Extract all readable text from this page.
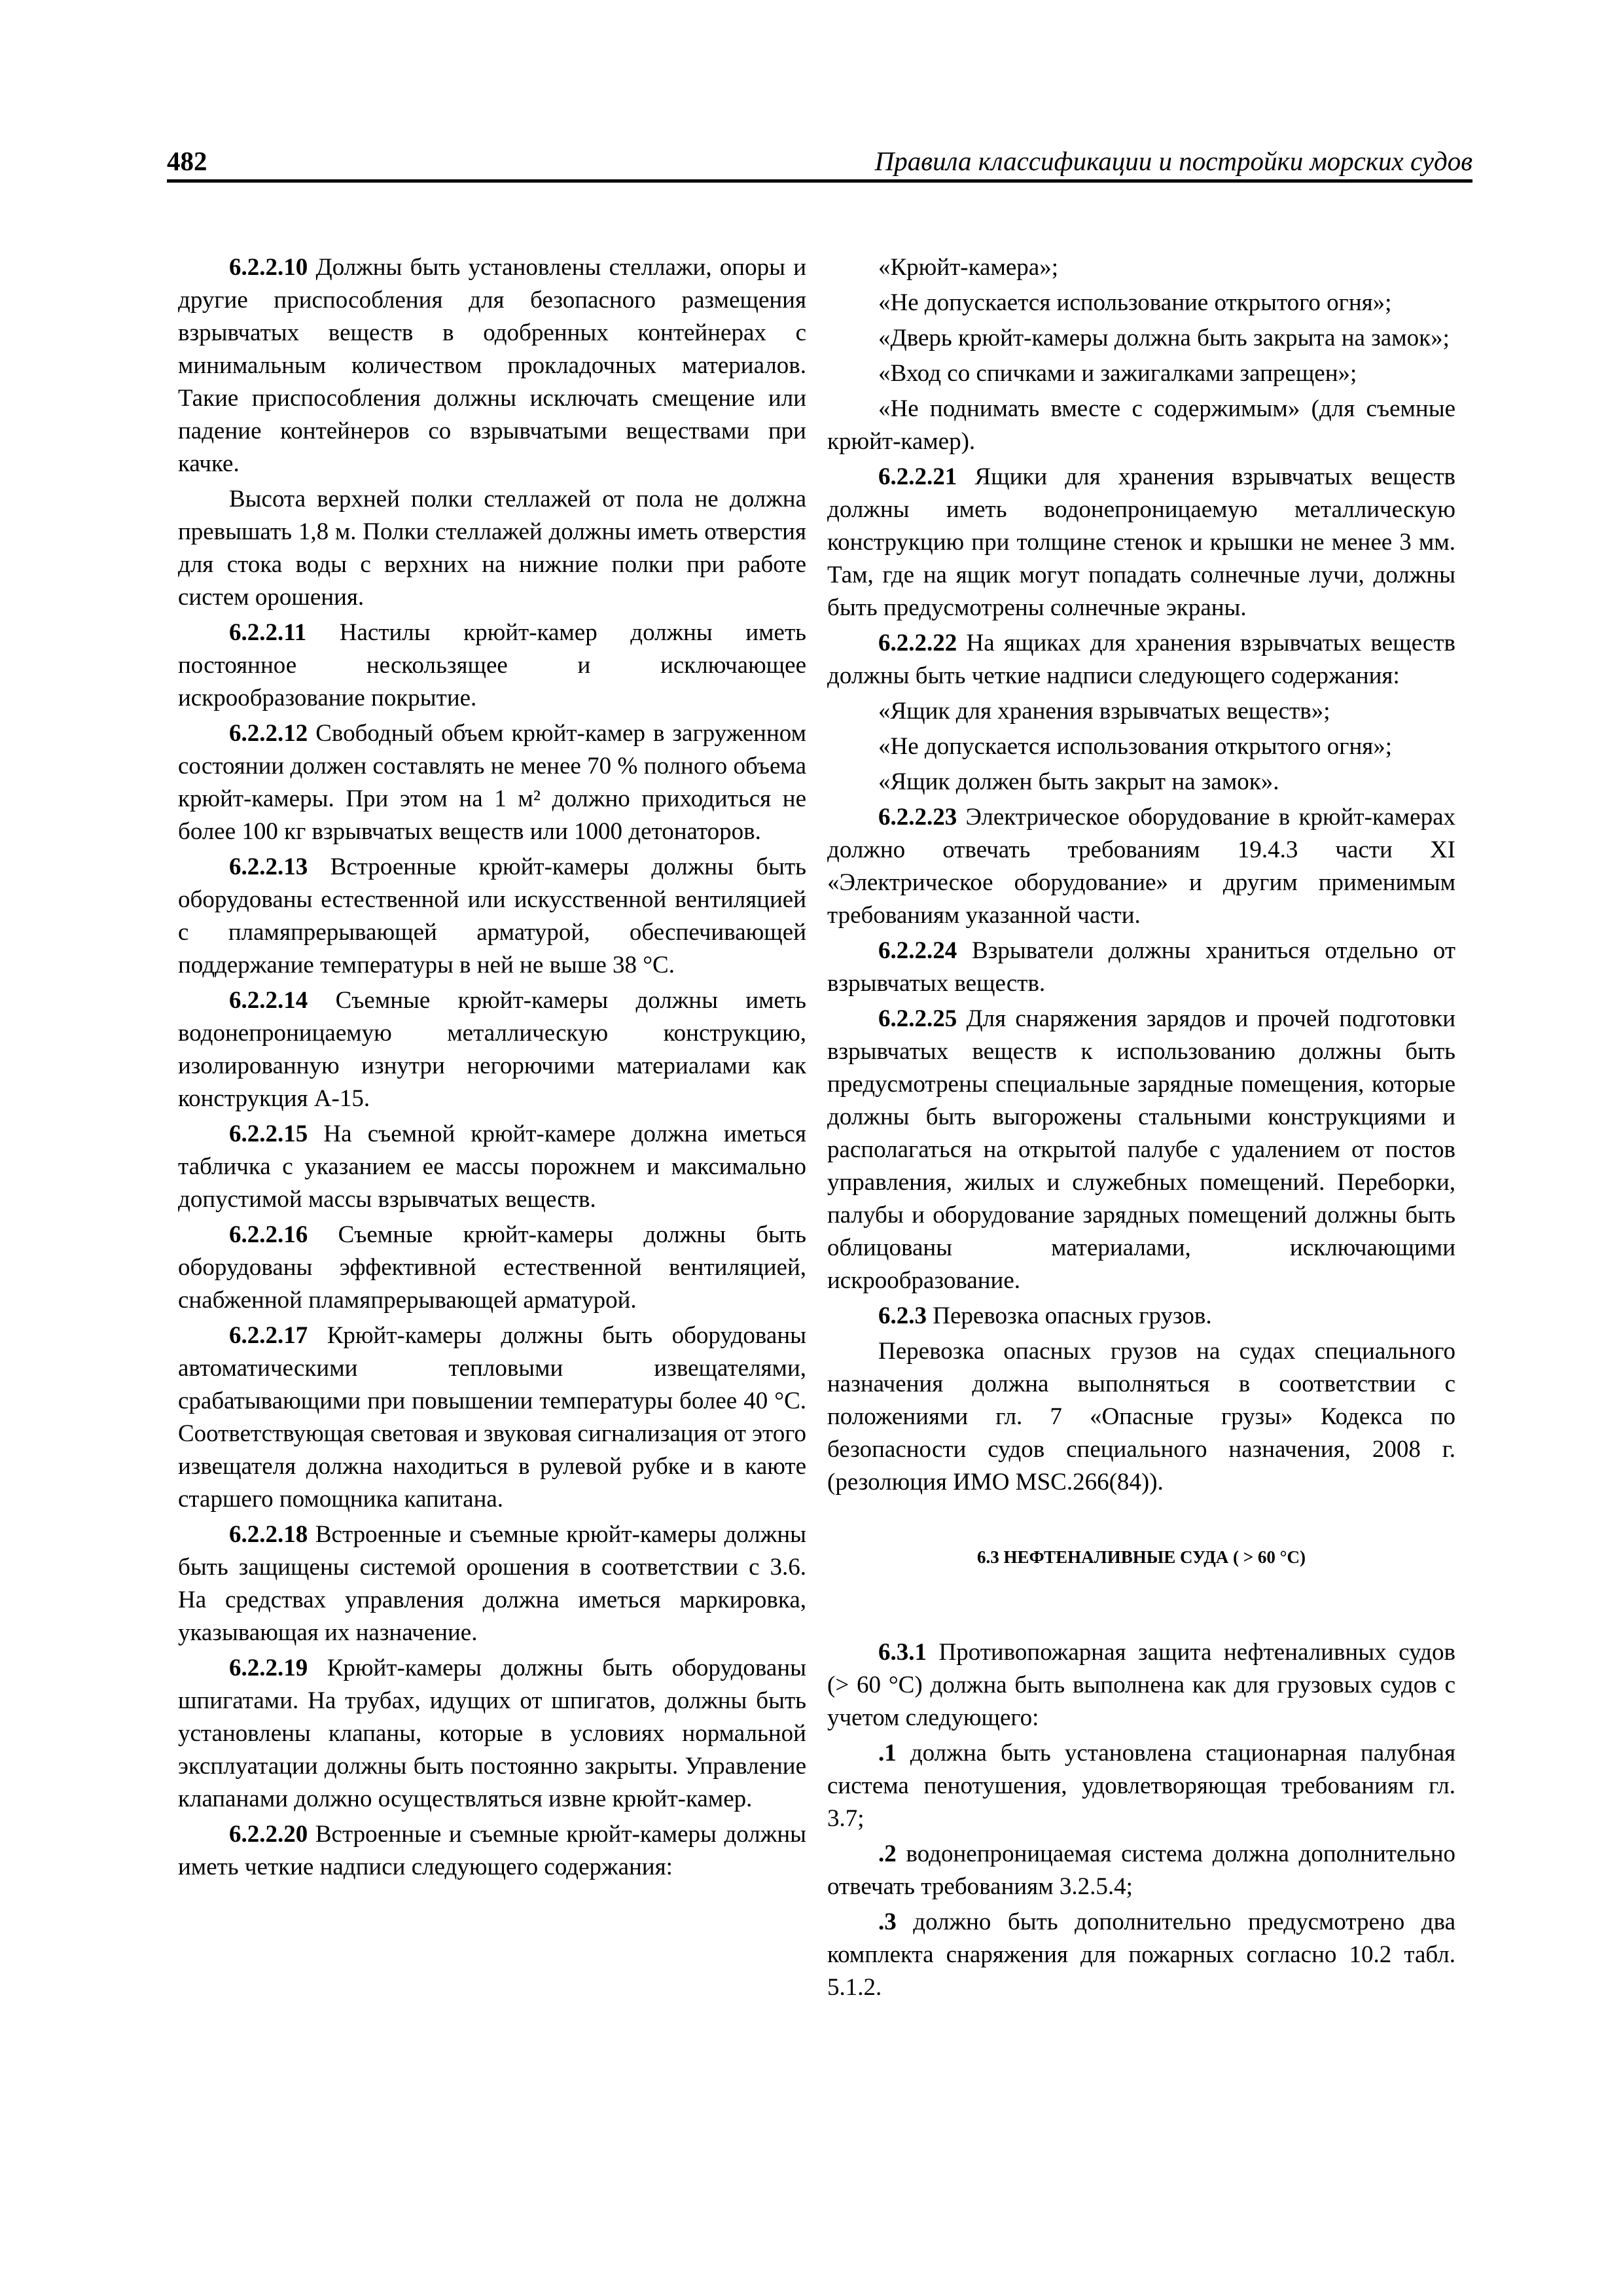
482	Правила классификации и постройки морских судов

6.2.2.10 Должны быть установлены стеллажи, опоры и другие приспособления для безопасного размещения взрывчатых веществ в одобренных контейнерах с минимальным количеством прокладочных материалов. Такие приспособления должны исключать смещение или падение контейнеров со взрывчатыми веществами при качке.

Высота верхней полки стеллажей от пола не должна превышать 1,8 м. Полки стеллажей должны иметь отверстия для стока воды с верхних на нижние полки при работе систем орошения.

6.2.2.11 Настилы крюйт-камер должны иметь постоянное нескользящее и исключающее искрообразование покрытие.

6.2.2.12 Свободный объем крюйт-камер в загруженном состоянии должен составлять не менее 70 % полного объема крюйт-камеры. При этом на 1 м² должно приходиться не более 100 кг взрывчатых веществ или 1000 детонаторов.

6.2.2.13 Встроенные крюйт-камеры должны быть оборудованы естественной или искусственной вентиляцией с пламяпрерывающей арматурой, обеспечивающей поддержание температуры в ней не выше 38 °С.

6.2.2.14 Съемные крюйт-камеры должны иметь водонепроницаемую металлическую конструкцию, изолированную изнутри негорючими материалами как конструкция А-15.

6.2.2.15 На съемной крюйт-камере должна иметься табличка с указанием ее массы порожнем и максимально допустимой массы взрывчатых веществ.

6.2.2.16 Съемные крюйт-камеры должны быть оборудованы эффективной естественной вентиляцией, снабженной пламяпрерывающей арматурой.

6.2.2.17 Крюйт-камеры должны быть оборудованы автоматическими тепловыми извещателями, срабатывающими при повышении температуры более 40 °С. Соответствующая световая и звуковая сигнализация от этого извещателя должна находиться в рулевой рубке и в каюте старшего помощника капитана.

6.2.2.18 Встроенные и съемные крюйт-камеры должны быть защищены системой орошения в соответствии с 3.6. На средствах управления должна иметься маркировка, указывающая их назначение.

6.2.2.19 Крюйт-камеры должны быть оборудованы шпигатами. На трубах, идущих от шпигатов, должны быть установлены клапаны, которые в условиях нормальной эксплуатации должны быть постоянно закрыты. Управление клапанами должно осуществляться извне крюйт-камер.

6.2.2.20 Встроенные и съемные крюйт-камеры должны иметь четкие надписи следующего содержания:

«Крюйт-камера»;

«Не допускается использование открытого огня»;

«Дверь крюйт-камеры должна быть закрыта на замок»;

«Вход со спичками и зажигалками запрещен»;

«Не поднимать вместе с содержимым» (для съемные крюйт-камер).

6.2.2.21 Ящики для хранения взрывчатых веществ должны иметь водонепроницаемую металлическую конструкцию при толщине стенок и крышки не менее 3 мм. Там, где на ящик могут попадать солнечные лучи, должны быть предусмотрены солнечные экраны.

6.2.2.22 На ящиках для хранения взрывчатых веществ должны быть четкие надписи следующего содержания:

«Ящик для хранения взрывчатых веществ»;

«Не допускается использования открытого огня»;

«Ящик должен быть закрыт на замок».

6.2.2.23 Электрическое оборудование в крюйт-камерах должно отвечать требованиям 19.4.3 части XI «Электрическое оборудование» и другим применимым требованиям указанной части.

6.2.2.24 Взрыватели должны храниться отдельно от взрывчатых веществ.

6.2.2.25 Для снаряжения зарядов и прочей подготовки взрывчатых веществ к использованию должны быть предусмотрены специальные зарядные помещения, которые должны быть выгорожены стальными конструкциями и располагаться на открытой палубе с удалением от постов управления, жилых и служебных помещений. Переборки, палубы и оборудование зарядных помещений должны быть облицованы материалами, исключающими искрообразование.

6.2.3 Перевозка опасных грузов.

Перевозка опасных грузов на судах специального назначения должна выполняться в соответствии с положениями гл. 7 «Опасные грузы» Кодекса по безопасности судов специального назначения, 2008 г. (резолюция ИМО MSC.266(84)).

6.3 НЕФТЕНАЛИВНЫЕ СУДА ( > 60 °С)

6.3.1 Противопожарная защита нефтеналивных судов (> 60 °С) должна быть выполнена как для грузовых судов с учетом следующего:

.1 должна быть установлена стационарная палубная система пенотушения, удовлетворяющая требованиям гл. 3.7;

.2 водонепроницаемая система должна дополнительно отвечать требованиям 3.2.5.4;

.3 должно быть дополнительно предусмотрено два комплекта снаряжения для пожарных согласно 10.2 табл. 5.1.2.
